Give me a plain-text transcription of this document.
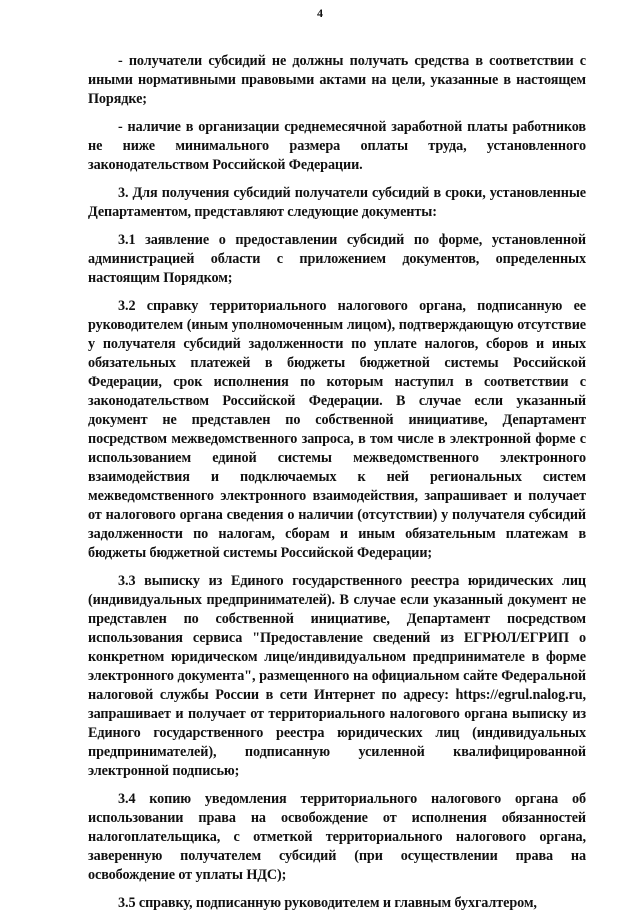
4

- получатели субсидий не должны получать средства в соответствии с иными нормативными правовыми актами на цели, указанные в настоящем Порядке;

- наличие в организации среднемесячной заработной платы работников не ниже минимального размера оплаты труда, установленного законодательством Российской Федерации.

3. Для получения субсидий получатели субсидий в сроки, установленные Департаментом, представляют следующие документы:

3.1 заявление о предоставлении субсидий по форме, установленной администрацией области с приложением документов, определенных настоящим Порядком;

3.2 справку территориального налогового органа, подписанную ее руководителем (иным уполномоченным лицом), подтверждающую отсутствие у получателя субсидий задолженности по уплате налогов, сборов и иных обязательных платежей в бюджеты бюджетной системы Российской Федерации, срок исполнения по которым наступил в соответствии с законодательством Российской Федерации. В случае если указанный документ не представлен по собственной инициативе, Департамент посредством межведомственного запроса, в том числе в электронной форме с использованием единой системы межведомственного электронного взаимодействия и подключаемых к ней региональных систем межведомственного электронного взаимодействия, запрашивает и получает от налогового органа сведения о наличии (отсутствии) у получателя субсидий задолженности по налогам, сборам и иным обязательным платежам в бюджеты бюджетной системы Российской Федерации;

3.3 выписку из Единого государственного реестра юридических лиц (индивидуальных предпринимателей). В случае если указанный документ не представлен по собственной инициативе, Департамент посредством использования сервиса "Предоставление сведений из ЕГРЮЛ/ЕГРИП о конкретном юридическом лице/индивидуальном предпринимателе в форме электронного документа", размещенного на официальном сайте Федеральной налоговой службы России в сети Интернет по адресу: https://egrul.nalog.ru, запрашивает и получает от территориального налогового органа выписку из Единого государственного реестра юридических лиц (индивидуальных предпринимателей), подписанную усиленной квалифицированной электронной подписью;

3.4 копию уведомления территориального налогового органа об использовании права на освобождение от исполнения обязанностей налогоплательщика, с отметкой территориального налогового органа, заверенную получателем субсидий (при осуществлении права на освобождение от уплаты НДС);

3.5 справку, подписанную руководителем и главным бухгалтером,
